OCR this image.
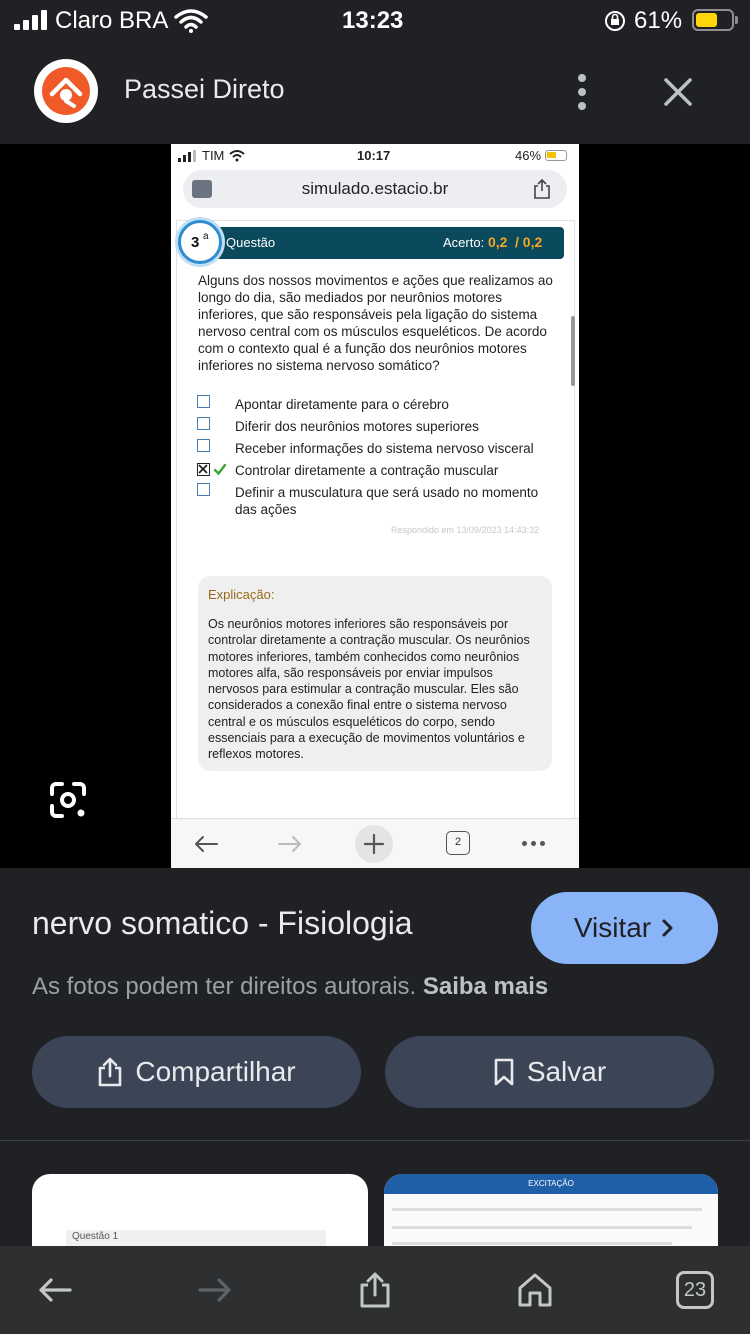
Claro BRA	13:23	61%
Passei Direto
TIM	10:17	46%
simulado.estacio.br
Questão	Acerto: 0,2 / 0,2
3 a
Alguns dos nossos movimentos e ações que realizamos ao
longo do dia, são mediados por neurônios motores
inferiores, que são responsáveis pela ligação do sistema
nervoso central com os músculos esqueléticos. De acordo
com o contexto qual é a função dos neurônios motores
inferiores no sistema nervoso somático?
Apontar diretamente para o cérebro
Diferir dos neurônios motores superiores
Receber informações do sistema nervoso visceral
Controlar diretamente a contração muscular
Definir a musculatura que será usado no momento
das ações
Respondido em 13/09/2023 14:43:32
Explicação:
Os neurônios motores inferiores são responsáveis por
controlar diretamente a contração muscular. Os neurônios
motores inferiores, também conhecidos como neurônios
motores alfa, são responsáveis por enviar impulsos
nervosos para estimular a contração muscular. Eles são
considerados a conexão final entre o sistema nervoso
central e os músculos esqueléticos do corpo, sendo
essenciais para a execução de movimentos voluntários e
reflexos motores.
2
nervo somatico - Fisiologia	Visitar
As fotos podem ter direitos autorais. Saiba mais
Compartilhar	Salvar
Questão 1
EXCITAÇÃO
23
